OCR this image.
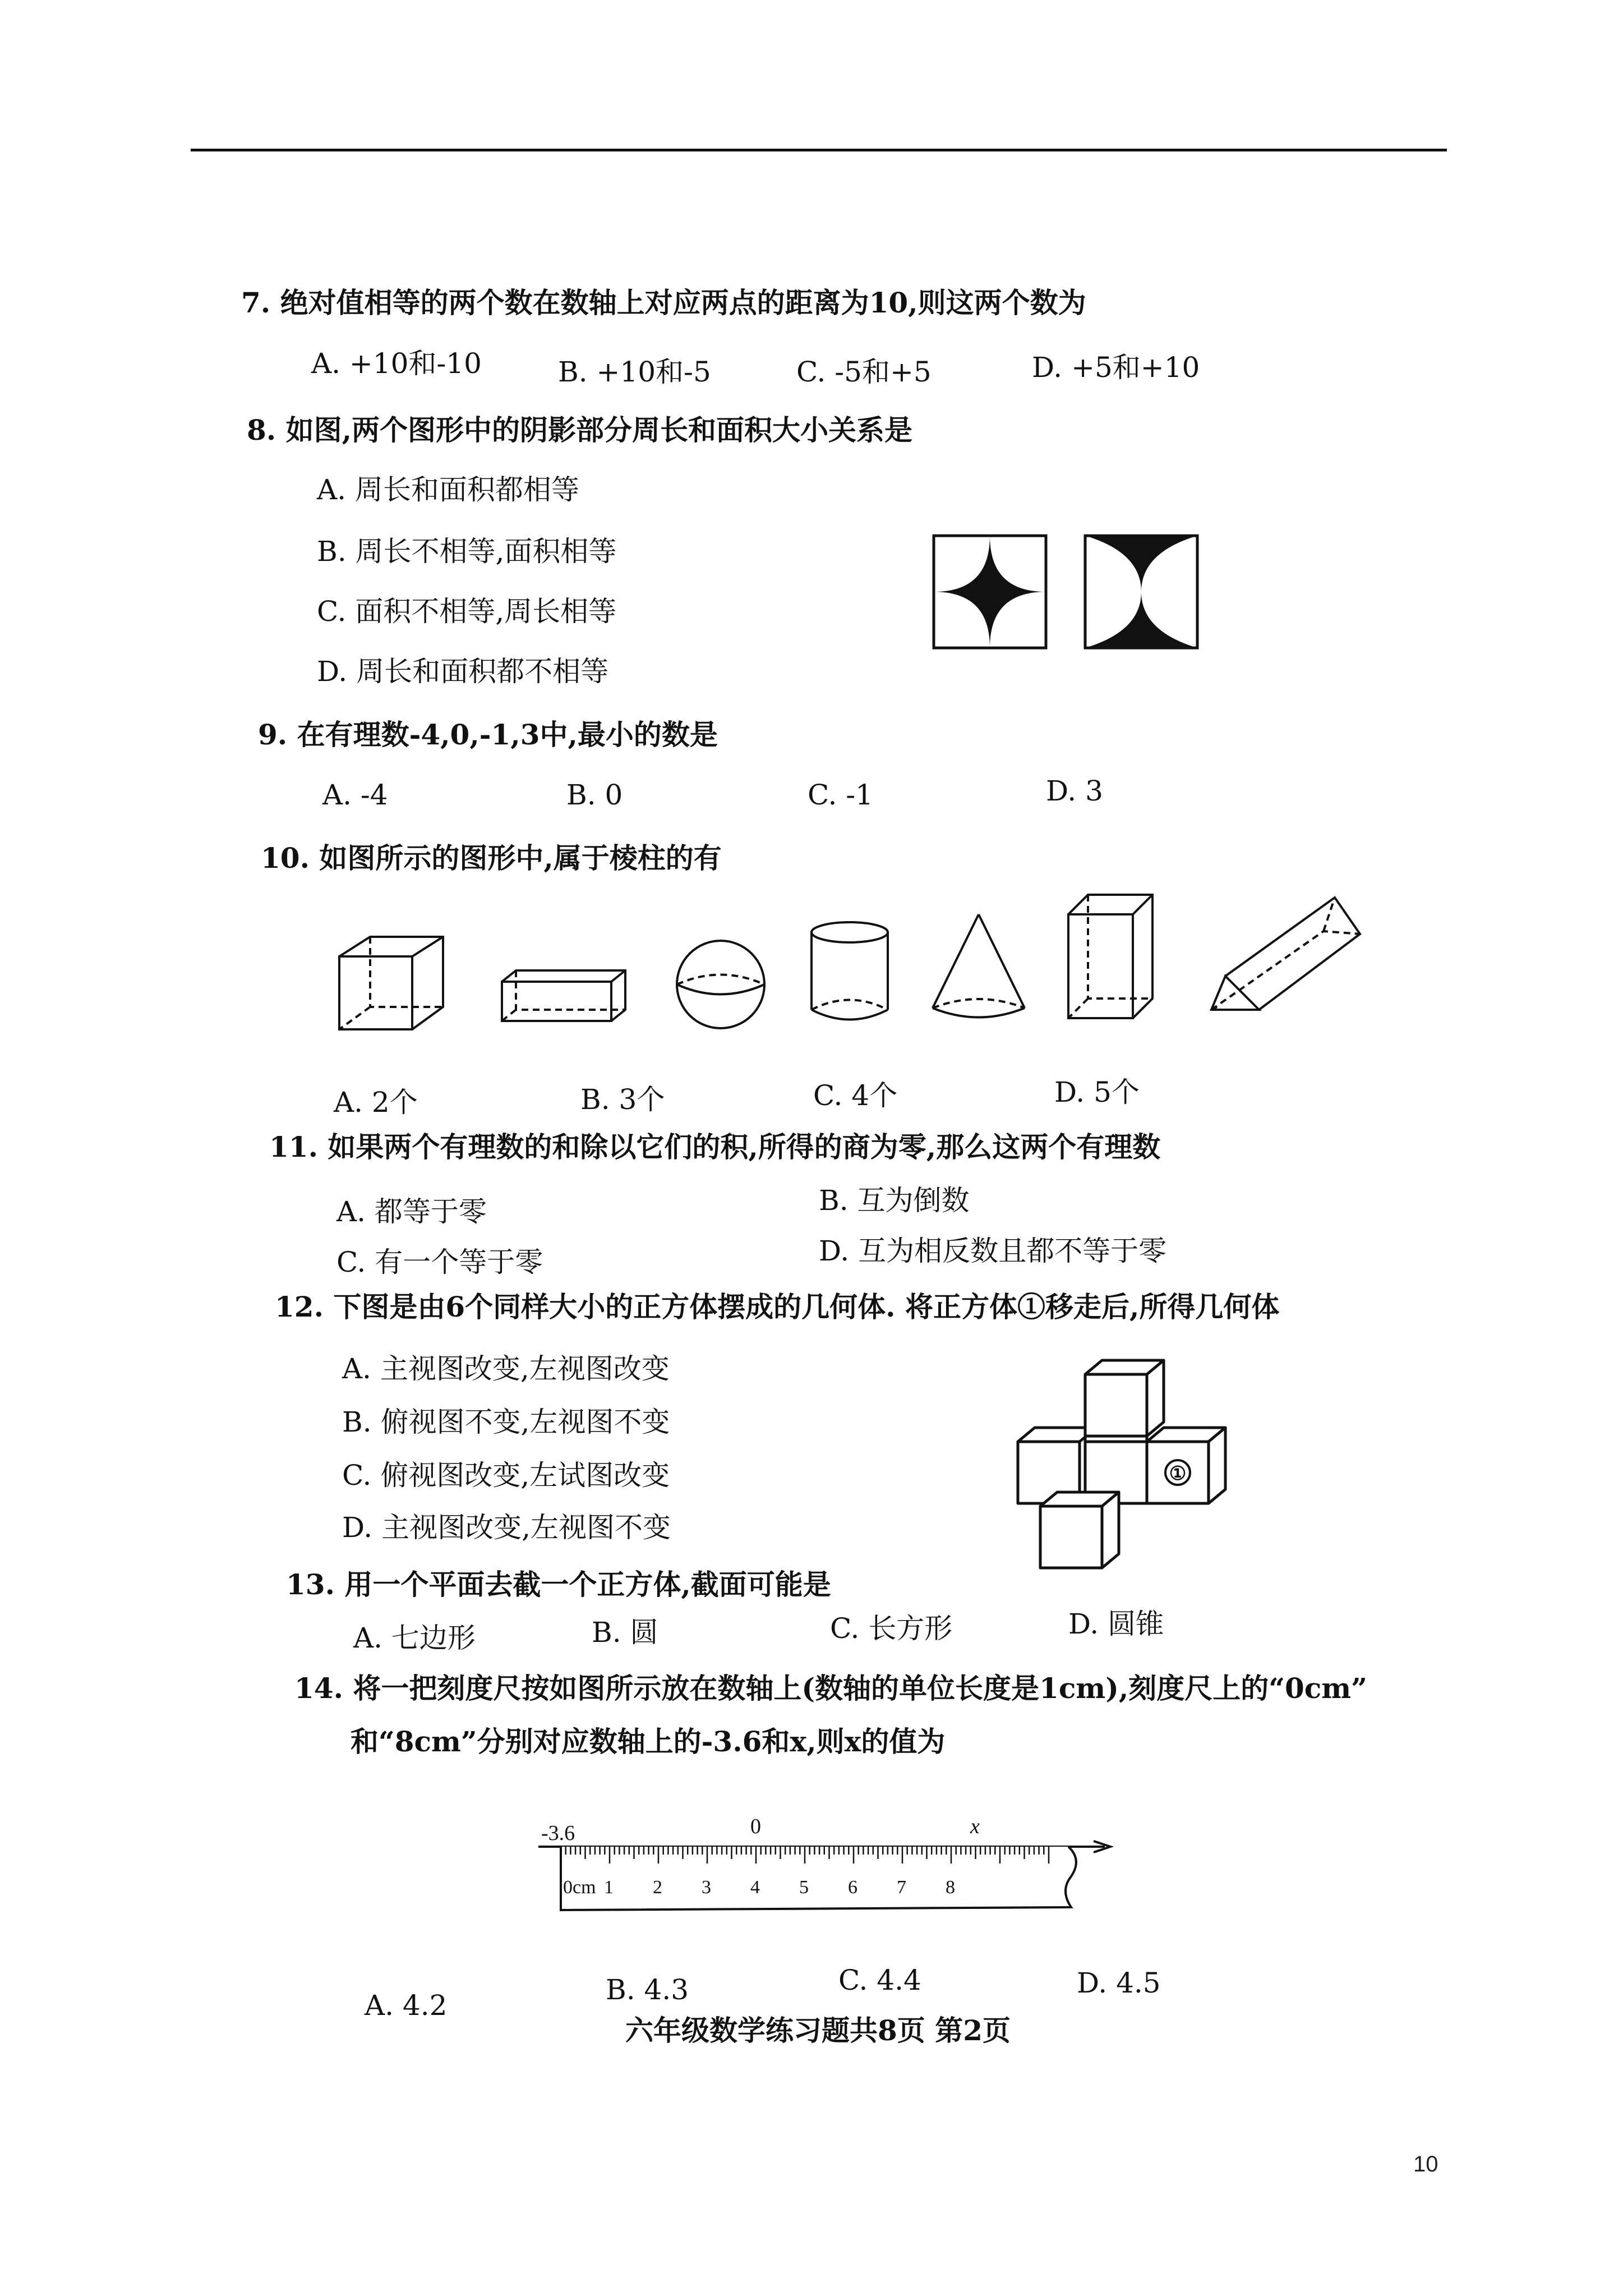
7. 绝对值相等的两个数在数轴上对应两点的距离为10,则这两个数为
A. +10和-10	B. +10和-5	C. -5和+5	D. +5和+10
8. 如图,两个图形中的阴影部分周长和面积大小关系是
A. 周长和面积都相等
B. 周长不相等,面积相等
C. 面积不相等,周长相等
D. 周长和面积都不相等
9. 在有理数-4,0,-1,3中,最小的数是
A. -4	B. 0	C. -1	D. 3
10. 如图所示的图形中,属于棱柱的有
A. 2个	B. 3个	C. 4个	D. 5个
11. 如果两个有理数的和除以它们的积,所得的商为零,那么这两个有理数
A. 都等于零	B. 互为倒数
C. 有一个等于零	D. 互为相反数且都不等于零
12. 下图是由6个同样大小的正方体摆成的几何体. 将正方体①移走后,所得几何体
A. 主视图改变,左视图改变
B. 俯视图不变,左视图不变
C. 俯视图改变,左试图改变
D. 主视图改变,左视图不变
①
13. 用一个平面去截一个正方体,截面可能是
A. 七边形	B. 圆	C. 长方形	D. 圆锥
14. 将一把刻度尺按如图所示放在数轴上(数轴的单位长度是1cm),刻度尺上的“0cm”
和“8cm”分别对应数轴上的-3.6和x,则x的值为
-3.6	0	x
0cm 1 2 3 4 5 6 7 8
A. 4.2	B. 4.3	C. 4.4	D. 4.5
六年级数学练习题共8页 第2页
10
